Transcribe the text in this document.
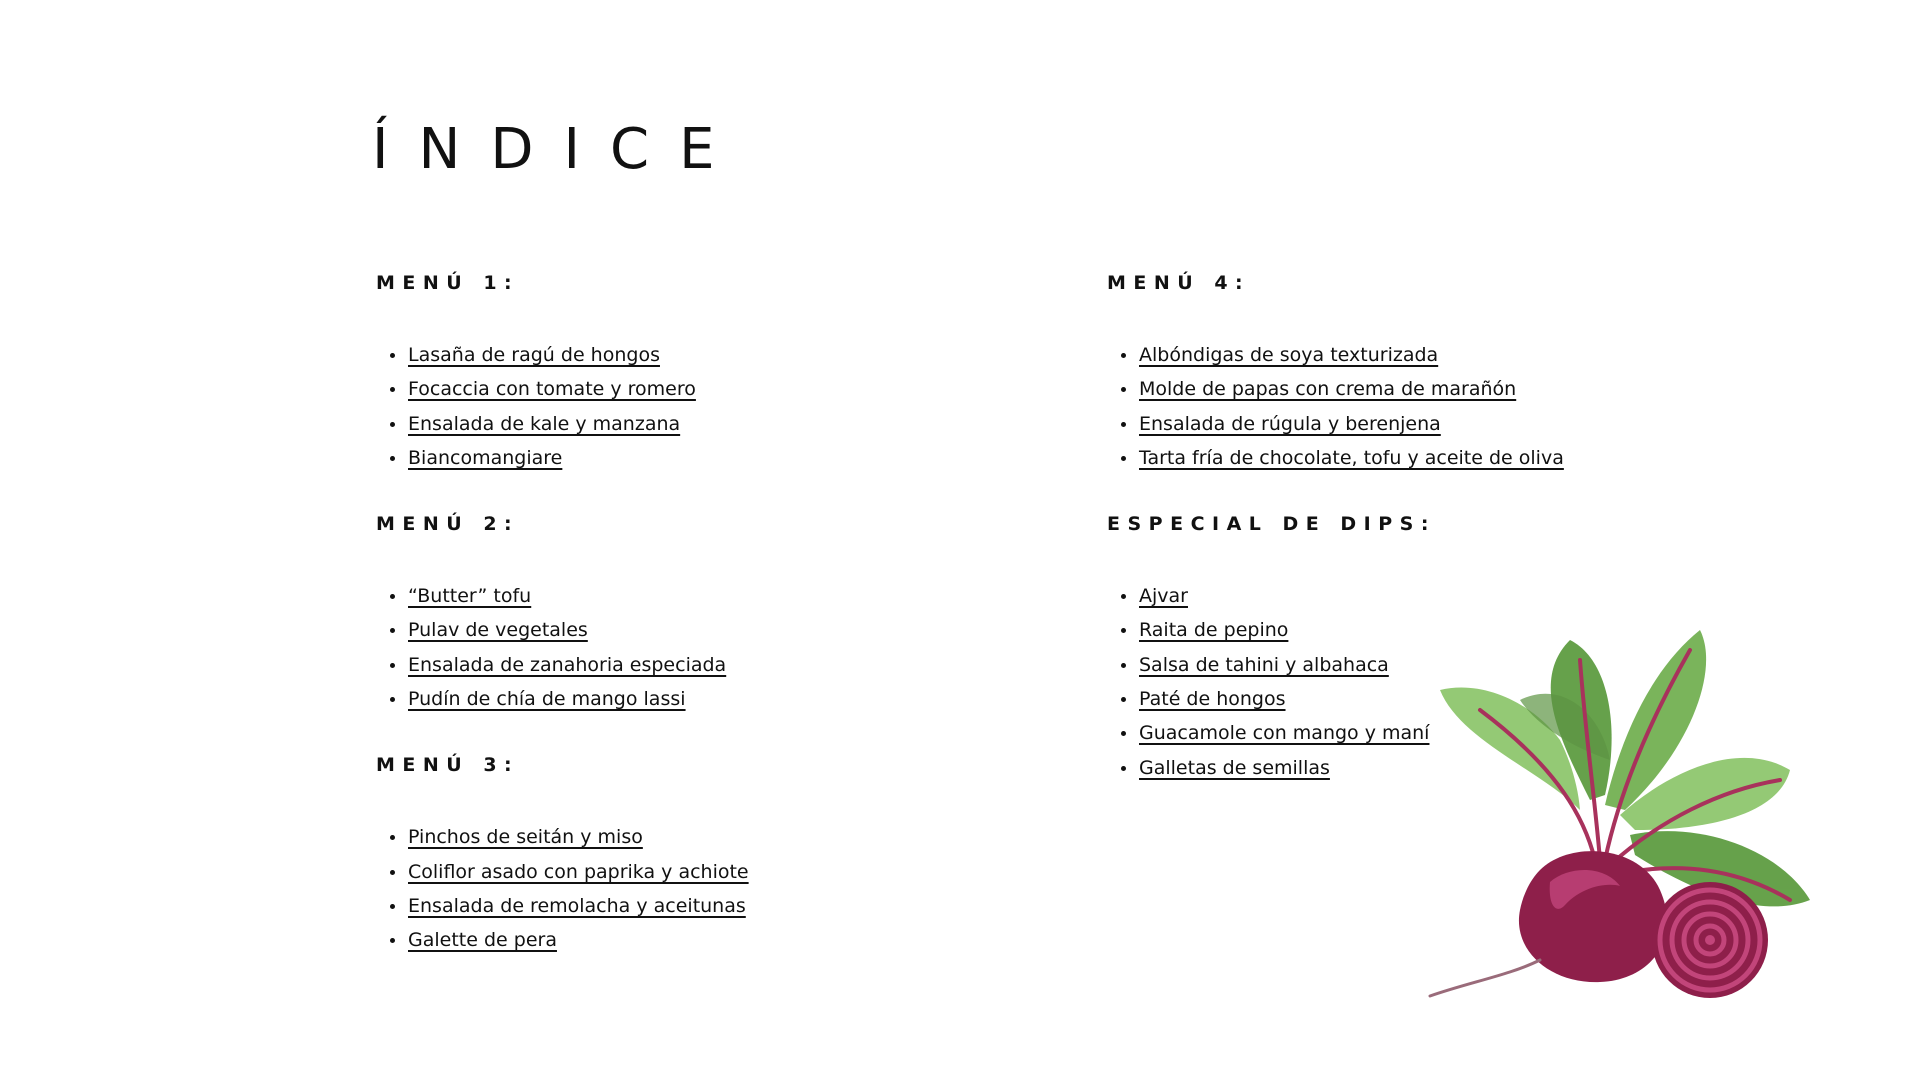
ÍNDICE
MENÚ 1:
Lasaña de ragú de hongos
Focaccia con tomate y romero
Ensalada de kale y manzana
Biancomangiare
MENÚ 2:
“Butter” tofu
Pulav de vegetales
Ensalada de zanahoria especiada
Pudín de chía de mango lassi
MENÚ 3:
Pinchos de seitán y miso
Coliflor asado con paprika y achiote
Ensalada de remolacha y aceitunas
Galette de pera
MENÚ 4:
Albóndigas de soya texturizada
Molde de papas con crema de marañón
Ensalada de rúgula y berenjena
Tarta fría de chocolate, tofu y aceite de oliva
ESPECIAL DE DIPS:
Ajvar
Raita de pepino
Salsa de tahini y albahaca
Paté de hongos
Guacamole con mango y maní
Galletas de semillas
